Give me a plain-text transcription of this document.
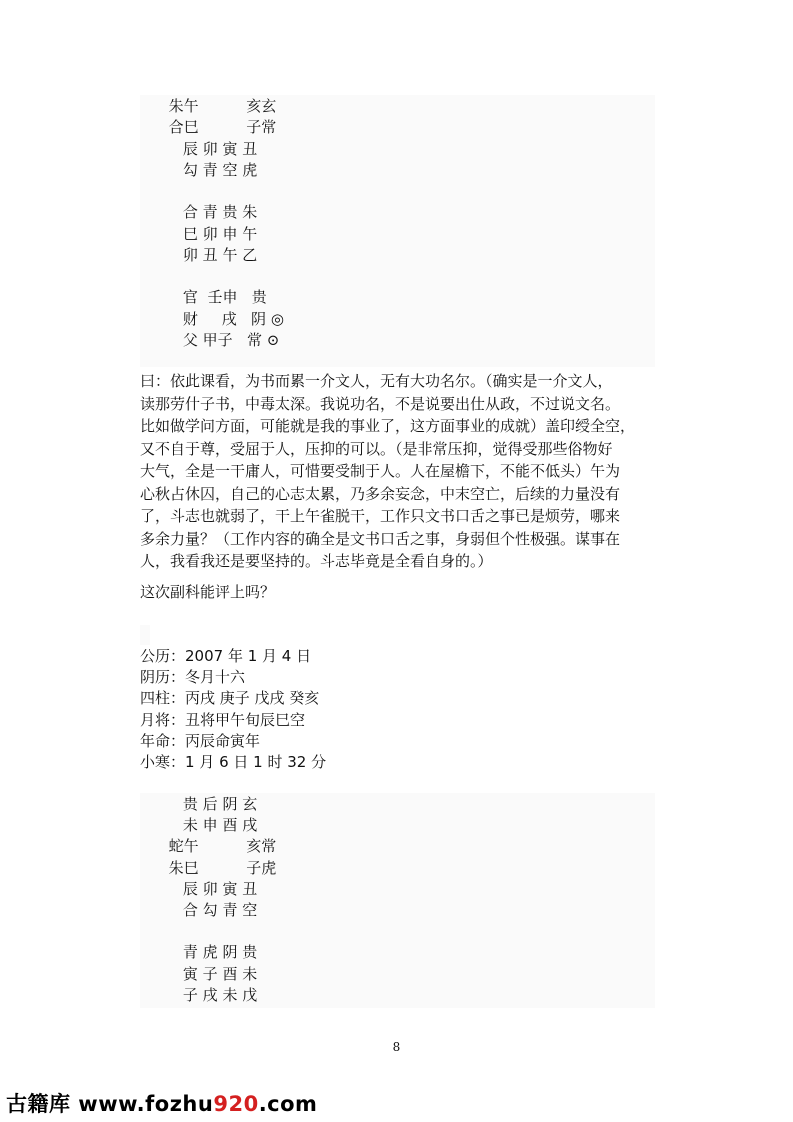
朱午          亥玄
合巳          子常
辰 卯 寅 丑
勾 青 空 虎
合 青 贵 朱
巳 卯 申 午
卯 丑 午 乙
官  壬申   贵
财     戌   阴 ◎
父 甲子   常 ⊙
曰：依此课看，为书而累一介文人，无有大功名尔。（确实是一介文人，
读那劳什子书，中毒太深。我说功名，不是说要出仕从政，不过说文名。
比如做学问方面，可能就是我的事业了，这方面事业的成就）盖印绶全空，
又不自于尊，受屈于人，压抑的可以。（是非常压抑，觉得受那些俗物好
大气，全是一干庸人，可惜要受制于人。人在屋檐下，不能不低头）午为
心秋占休囚，自己的心志太累，乃多余妄念，中末空亡，后续的力量没有
了，斗志也就弱了，干上午雀脱干，工作只文书口舌之事已是烦劳，哪来
多余力量？（工作内容的确全是文书口舌之事，身弱但个性极强。谋事在
人，我看我还是要坚持的。斗志毕竟是全看自身的。）
这次副科能评上吗？
公历：2007 年 1 月 4 日
阴历：冬月十六
四柱：丙戌 庚子 戊戌 癸亥
月将：丑将甲午旬辰巳空
年命：丙辰命寅年
小寒：1 月 6 日 1 时 32 分
贵 后 阴 玄
未 申 酉 戌
蛇午          亥常
朱巳          子虎
辰 卯 寅 丑
合 勾 青 空
青 虎 阴 贵
寅 子 酉 未
子 戌 未 戊
8
古籍库 www.fozhu920.com
